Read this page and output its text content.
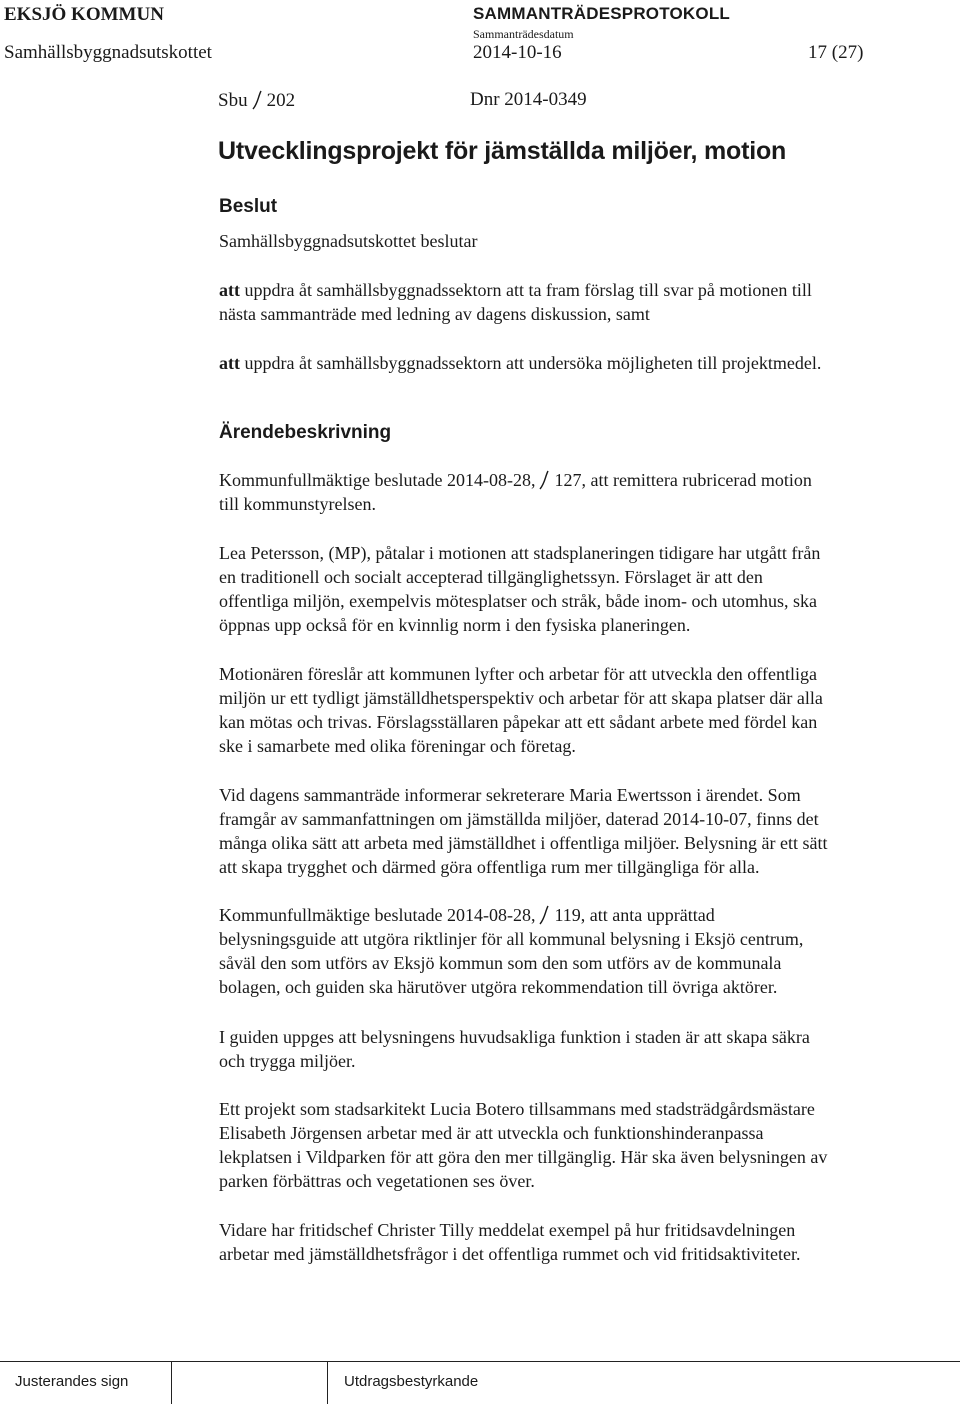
EKSJÖ KOMMUN	SAMMANTRÄDESPROTOKOLL
Sammanträdesdatum
Samhällsbyggnadsutskottet	2014-10-16	17 (27)
Sbu 202	Dnr 2014-0349
Utvecklingsprojekt för jämställda miljöer, motion
Beslut
Samhällsbyggnadsutskottet beslutar
att uppdra åt samhällsbyggnadssektorn att ta fram förslag till svar på motionen till
nästa sammanträde med ledning av dagens diskussion, samt
att uppdra åt samhällsbyggnadssektorn att undersöka möjligheten till projektmedel.
Ärendebeskrivning
Kommunfullmäktige beslutade 2014-08-28, 127, att remittera rubricerad motion
till kommunstyrelsen.
Lea Petersson, (MP), påtalar i motionen att stadsplaneringen tidigare har utgått från
en traditionell och socialt accepterad tillgänglighetssyn. Förslaget är att den
offentliga miljön, exempelvis mötesplatser och stråk, både inom- och utomhus, ska
öppnas upp också för en kvinnlig norm i den fysiska planeringen.
Motionären föreslår att kommunen lyfter och arbetar för att utveckla den offentliga
miljön ur ett tydligt jämställdhetsperspektiv och arbetar för att skapa platser där alla
kan mötas och trivas. Förslagsställaren påpekar att ett sådant arbete med fördel kan
ske i samarbete med olika föreningar och företag.
Vid dagens sammanträde informerar sekreterare Maria Ewertsson i ärendet. Som
framgår av sammanfattningen om jämställda miljöer, daterad 2014-10-07, finns det
många olika sätt att arbeta med jämställdhet i offentliga miljöer. Belysning är ett sätt
att skapa trygghet och därmed göra offentliga rum mer tillgängliga för alla.
Kommunfullmäktige beslutade 2014-08-28, 119, att anta upprättad
belysningsguide att utgöra riktlinjer för all kommunal belysning i Eksjö centrum,
såväl den som utförs av Eksjö kommun som den som utförs av de kommunala
bolagen, och guiden ska härutöver utgöra rekommendation till övriga aktörer.
I guiden uppges att belysningens huvudsakliga funktion i staden är att skapa säkra
och trygga miljöer.
Ett projekt som stadsarkitekt Lucia Botero tillsammans med stadsträdgårdsmästare
Elisabeth Jörgensen arbetar med är att utveckla och funktionshinderanpassa
lekplatsen i Vildparken för att göra den mer tillgänglig. Här ska även belysningen av
parken förbättras och vegetationen ses över.
Vidare har fritidschef Christer Tilly meddelat exempel på hur fritidsavdelningen
arbetar med jämställdhetsfrågor i det offentliga rummet och vid fritidsaktiviteter.
Justerandes sign	Utdragsbestyrkande
